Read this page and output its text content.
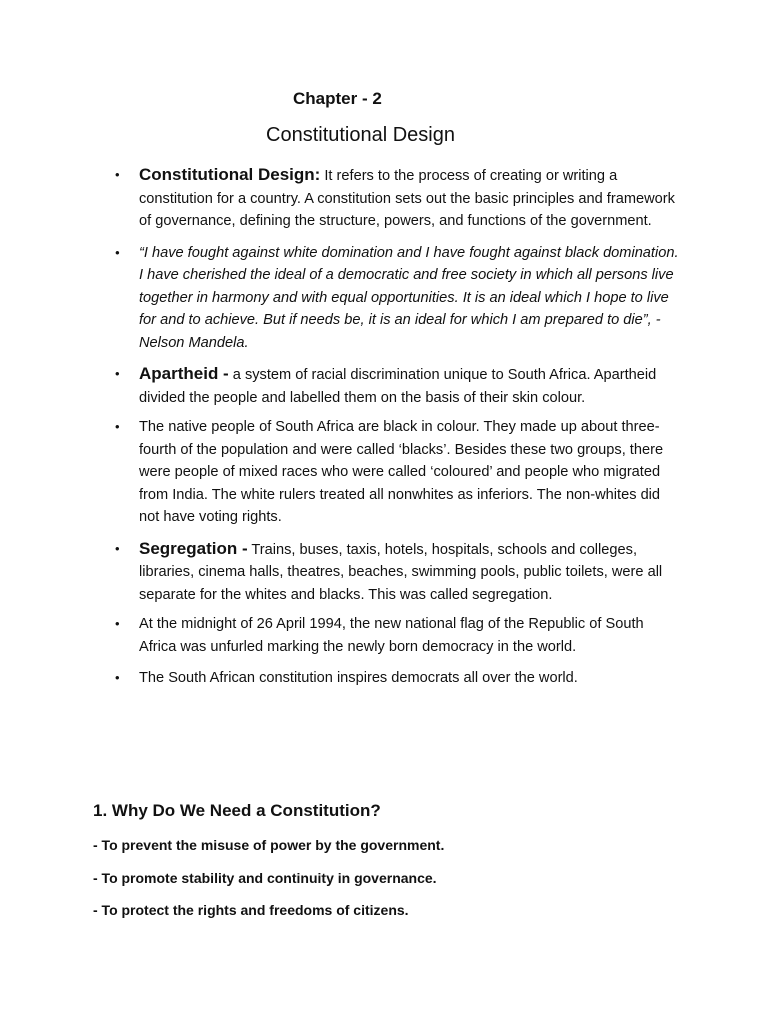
Chapter - 2
Constitutional Design
• Constitutional Design: It refers to the process of creating or writing a constitution for a country. A constitution sets out the basic principles and framework of governance, defining the structure, powers, and functions of the government.
• “I have fought against white domination and I have fought against black domination. I have cherished the ideal of a democratic and free society in which all persons live together in harmony and with equal opportunities. It is an ideal which I hope to live for and to achieve. But if needs be, it is an ideal for which I am prepared to die”, - Nelson Mandela.
• Apartheid - a system of racial discrimination unique to South Africa. Apartheid divided the people and labelled them on the basis of their skin colour.
• The native people of South Africa are black in colour. They made up about three-fourth of the population and were called ‘blacks’. Besides these two groups, there were people of mixed races who were called ‘coloured’ and people who migrated from India. The white rulers treated all nonwhites as inferiors. The non-whites did not have voting rights.
• Segregation - Trains, buses, taxis, hotels, hospitals, schools and colleges, libraries, cinema halls, theatres, beaches, swimming pools, public toilets, were all separate for the whites and blacks. This was called segregation.
• At the midnight of 26 April 1994, the new national flag of the Republic of South Africa was unfurled marking the newly born democracy in the world.
• The South African constitution inspires democrats all over the world.
1. Why Do We Need a Constitution?
- To prevent the misuse of power by the government.
- To promote stability and continuity in governance.
- To protect the rights and freedoms of citizens.
